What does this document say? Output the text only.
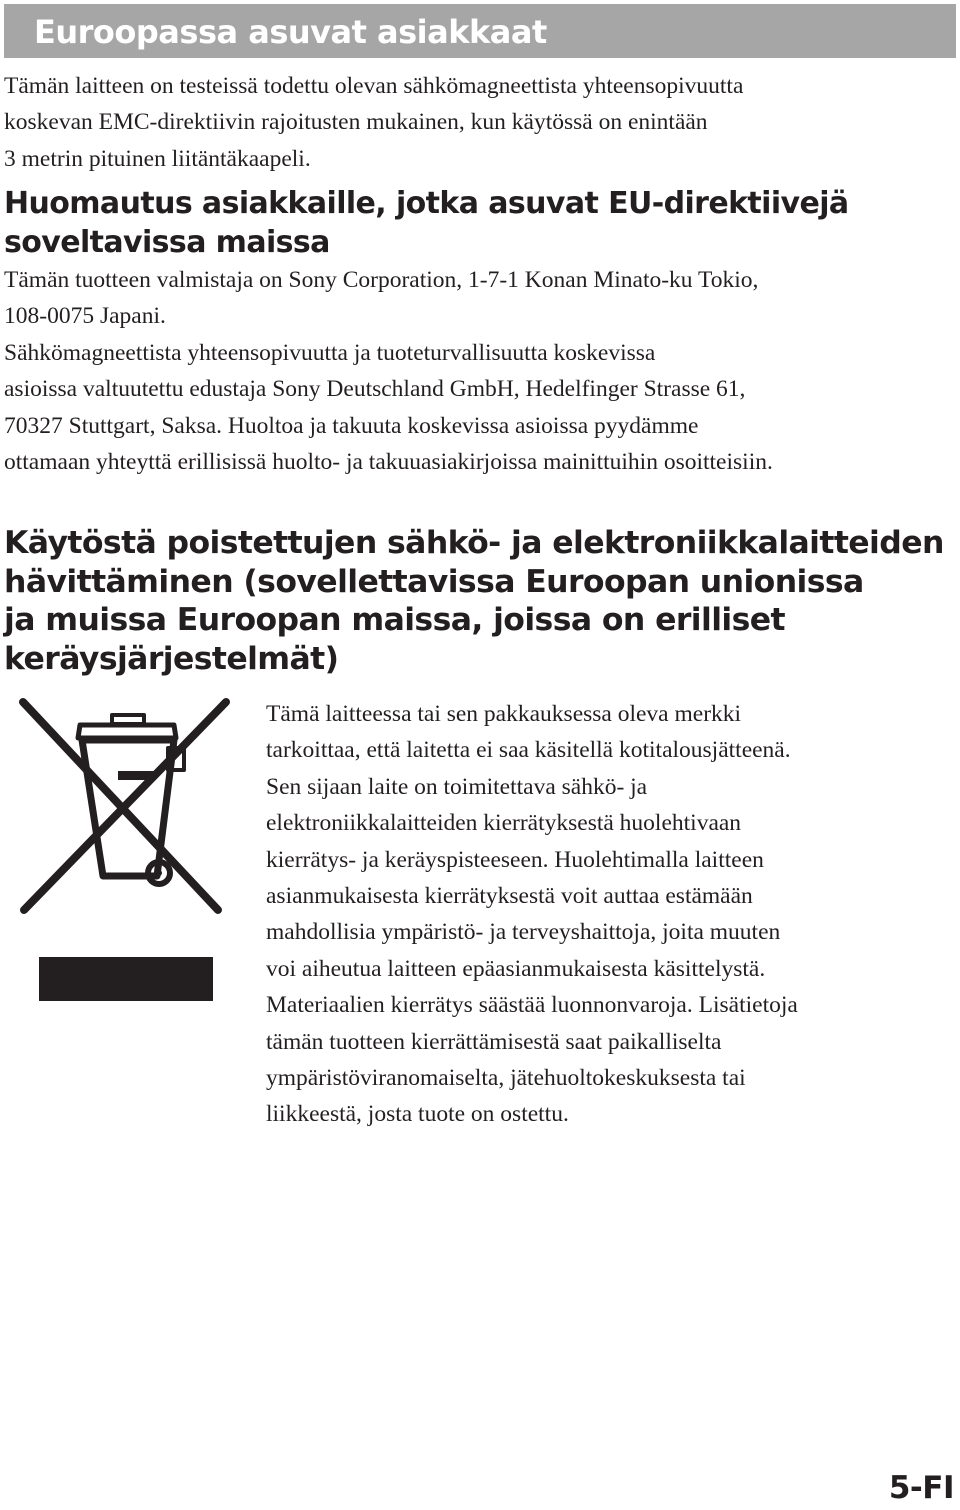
Euroopassa asuvat asiakkaat

Tämän laitteen on testeissä todettu olevan sähkömagneettista yhteensopivuutta
koskevan EMC-direktiivin rajoitusten mukainen, kun käytössä on enintään
3 metrin pituinen liitäntäkaapeli.

Huomautus asiakkaille, jotka asuvat EU-direktiivejä
soveltavissa maissa

Tämän tuotteen valmistaja on Sony Corporation, 1-7-1 Konan Minato-ku Tokio,
108-0075 Japani.
Sähkömagneettista yhteensopivuutta ja tuoteturvallisuutta koskevissa
asioissa valtuutettu edustaja Sony Deutschland GmbH, Hedelfinger Strasse 61,
70327 Stuttgart, Saksa. Huoltoa ja takuuta koskevissa asioissa pyydämme
ottamaan yhteyttä erillisissä huolto- ja takuuasiakirjoissa mainittuihin osoitteisiin.

Käytöstä poistettujen sähkö- ja elektroniikkalaitteiden
hävittäminen (sovellettavissa Euroopan unionissa
ja muissa Euroopan maissa, joissa on erilliset
keräysjärjestelmät)

Tämä laitteessa tai sen pakkauksessa oleva merkki
tarkoittaa, että laitetta ei saa käsitellä kotitalousjätteenä.
Sen sijaan laite on toimitettava sähkö- ja
elektroniikkalaitteiden kierrätyksestä huolehtivaan
kierrätys- ja keräyspisteeseen. Huolehtimalla laitteen
asianmukaisesta kierrätyksestä voit auttaa estämään
mahdollisia ympäristö- ja terveyshaittoja, joita muuten
voi aiheutua laitteen epäasianmukaisesta käsittelystä.
Materiaalien kierrätys säästää luonnonvaroja. Lisätietoja
tämän tuotteen kierrättämisestä saat paikalliselta
ympäristöviranomaiselta, jätehuoltokeskuksesta tai
liikkeestä, josta tuote on ostettu.

5-FI
